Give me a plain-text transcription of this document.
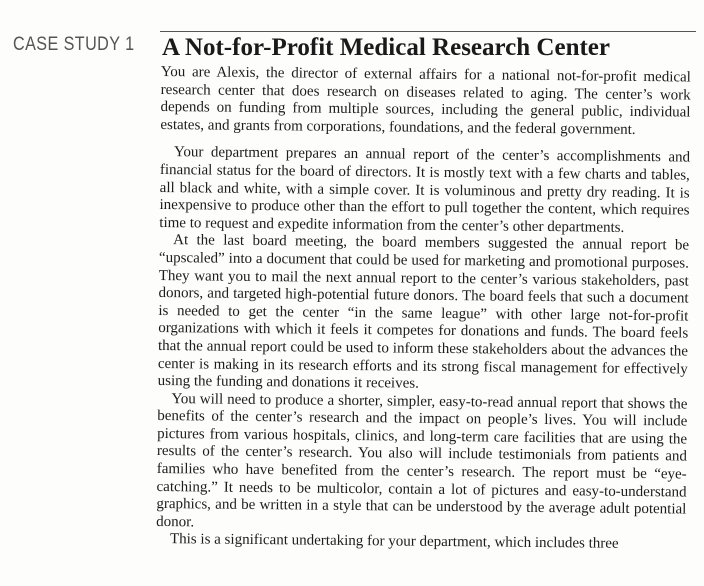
CASE STUDY 1 A Not-for-Profit Medical Research Center

You are Alexis, the director of external affairs for a national not-for-profit medical research center that does research on diseases related to aging. The center’s work depends on funding from multiple sources, including the general public, individual estates, and grants from corporations, foundations, and the federal government.

Your department prepares an annual report of the center’s accomplishments and financial status for the board of directors. It is mostly text with a few charts and tables, all black and white, with a simple cover. It is voluminous and pretty dry reading. It is inexpensive to produce other than the effort to pull together the content, which requires time to request and expedite information from the center’s other departments.

At the last board meeting, the board members suggested the annual report be “upscaled” into a document that could be used for marketing and promotional purposes. They want you to mail the next annual report to the center’s various stakeholders, past donors, and targeted high-potential future donors. The board feels that such a document is needed to get the center “in the same league” with other large not-for-profit organizations with which it feels it competes for donations and funds. The board feels that the annual report could be used to inform these stakeholders about the advances the center is making in its research efforts and its strong fiscal management for effectively using the funding and donations it receives.

You will need to produce a shorter, simpler, easy-to-read annual report that shows the benefits of the center’s research and the impact on people’s lives. You will include pictures from various hospitals, clinics, and long-term care facilities that are using the results of the center’s research. You also will include testimonials from patients and families who have benefited from the center’s research. The report must be “eye-catching.” It needs to be multicolor, contain a lot of pictures and easy-to-understand graphics, and be written in a style that can be understood by the average adult potential donor.

This is a significant undertaking for your department, which includes three
